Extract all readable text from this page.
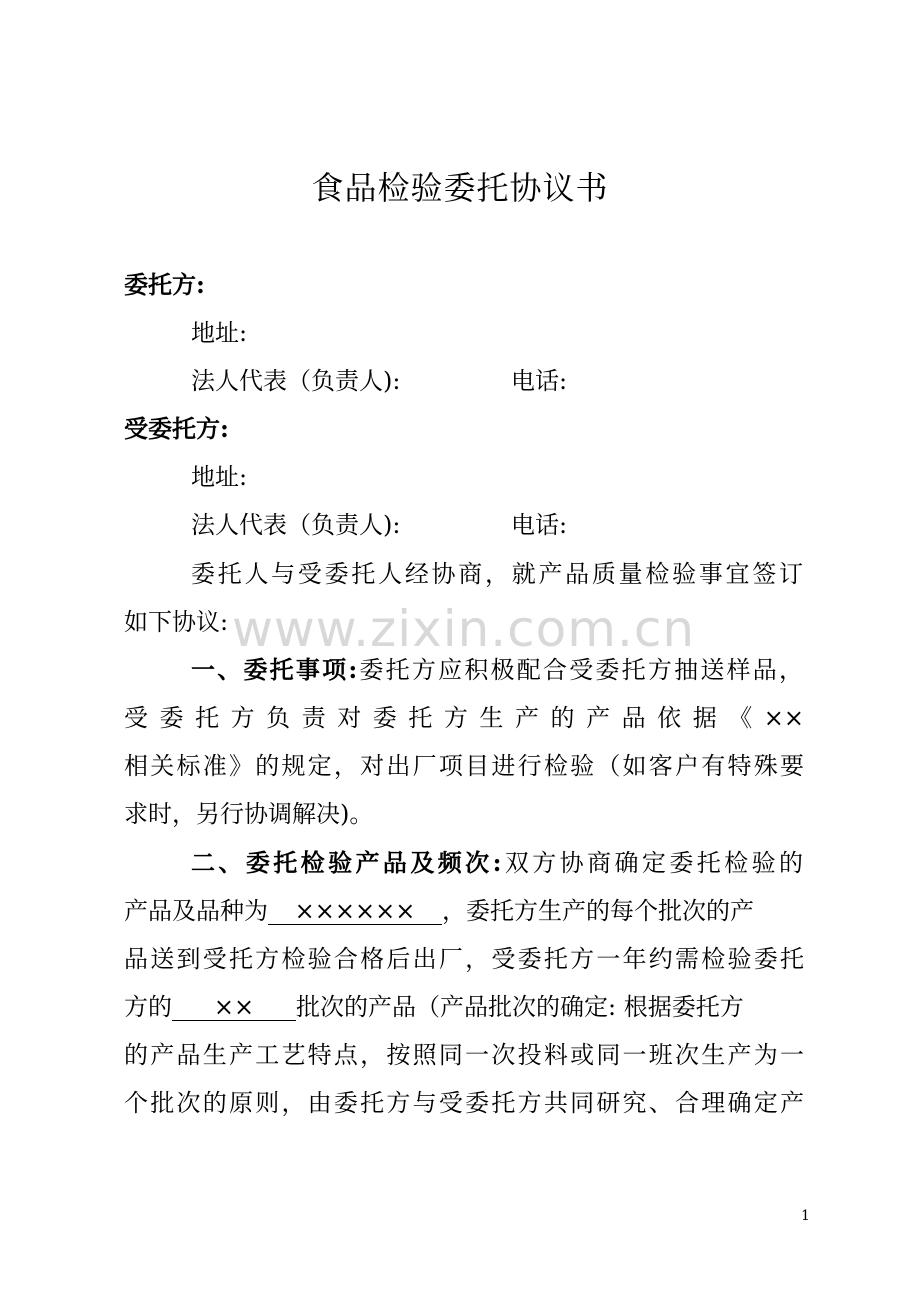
食品检验委托协议书

委托方:

地址:

法人代表（负责人):	电话:

受委托方:

地址:

法人代表（负责人):	电话:

委托人与受委托人经协商，就产品质量检验事宜签订

如下协议:

一、委托事项:委托方应积极配合受委托方抽送样品，

受委托方负责对委托方生产的产品依据《××

相关标准》的规定，对出厂项目进行检验（如客户有特殊要

求时，另行协调解决)。

二、委托检验产品及频次:双方协商确定委托检验的

产品及品种为 ×××××× ，委托方生产的每个批次的产

品送到受托方检验合格后出厂，受委托方一年约需检验委托

方的 ×× 批次的产品（产品批次的确定: 根据委托方

的产品生产工艺特点，按照同一次投料或同一班次生产为一

个批次的原则，由委托方与受委托方共同研究、合理确定产

www.zixin.com.cn
1
